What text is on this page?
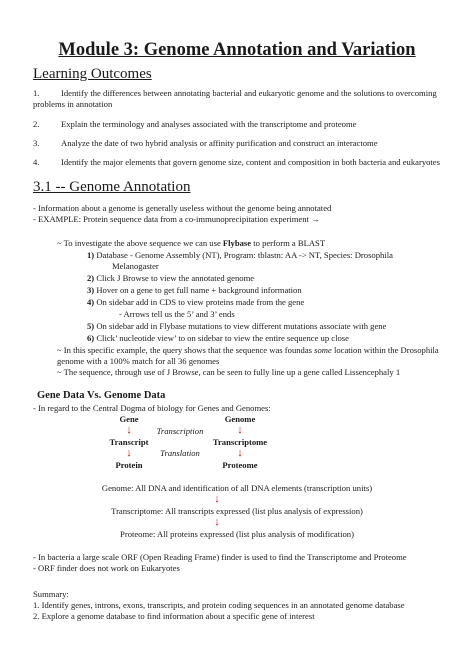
Module 3: Genome Annotation and Variation
Learning Outcomes
1.	Identify the differences between annotating bacterial and eukaryotic genome and the solutions to overcoming
problems in annotation
2.	Explain the terminology and analyses associated with the transcriptome and proteome
3.	Analyze the date of two hybrid analysis or affinity purification and construct an interactome
4.	Identify the major elements that govern genome size, content and composition in both bacteria and eukaryotes
3.1 -- Genome Annotation
- Information about a genome is generally useless without the genome being annotated
- EXAMPLE: Protein sequence data from a co-immunoprecipitation experiment →
~ To investigate the above sequence we can use Flybase to perform a BLAST
1) Database - Genome Assembly (NT), Program: tblastn: AA -> NT, Species: Drosophila
Melanogaster
2) Click J Browse to view the annotated genome
3) Hover on a gene to get full name + background information
4) On sidebar add in CDS to view proteins made from the gene
- Arrows tell us the 5’ and 3’ ends
5) On sidebar add in Flybase mutations to view different mutations associate with gene
6) Click’ nucleotide view’ to on sidebar to view the entire sequence up close
~ In this specific example, the query shows that the sequence was foundas some location within the Drosophila
genome with a 100% match for all 36 genomes
~ The sequence, through use of J Browse, can be seen to fully line up a gene called Lissencephaly 1
Gene Data Vs. Genome Data
- In regard to the Central Dogma of biology for Genes and Genomes:
Gene	Genome
↓	Transcription	↓
Transcript	Transcriptome
↓	Translation	↓
Protein	Proteome
Genome: All DNA and identification of all DNA elements (transcription units)
↓
Transcriptome: All transcripts expressed (list plus analysis of expression)
↓
Proteome: All proteins expressed (list plus analysis of modification)
- In bacteria a large scale ORF (Open Reading Frame) finder is used to find the Transcriptome and Proteome
- ORF finder does not work on Eukaryotes
Summary:
1. Identify genes, introns, exons, transcripts, and protein coding sequences in an annotated genome database
2. Explore a genome database to find information about a specific gene of interest
